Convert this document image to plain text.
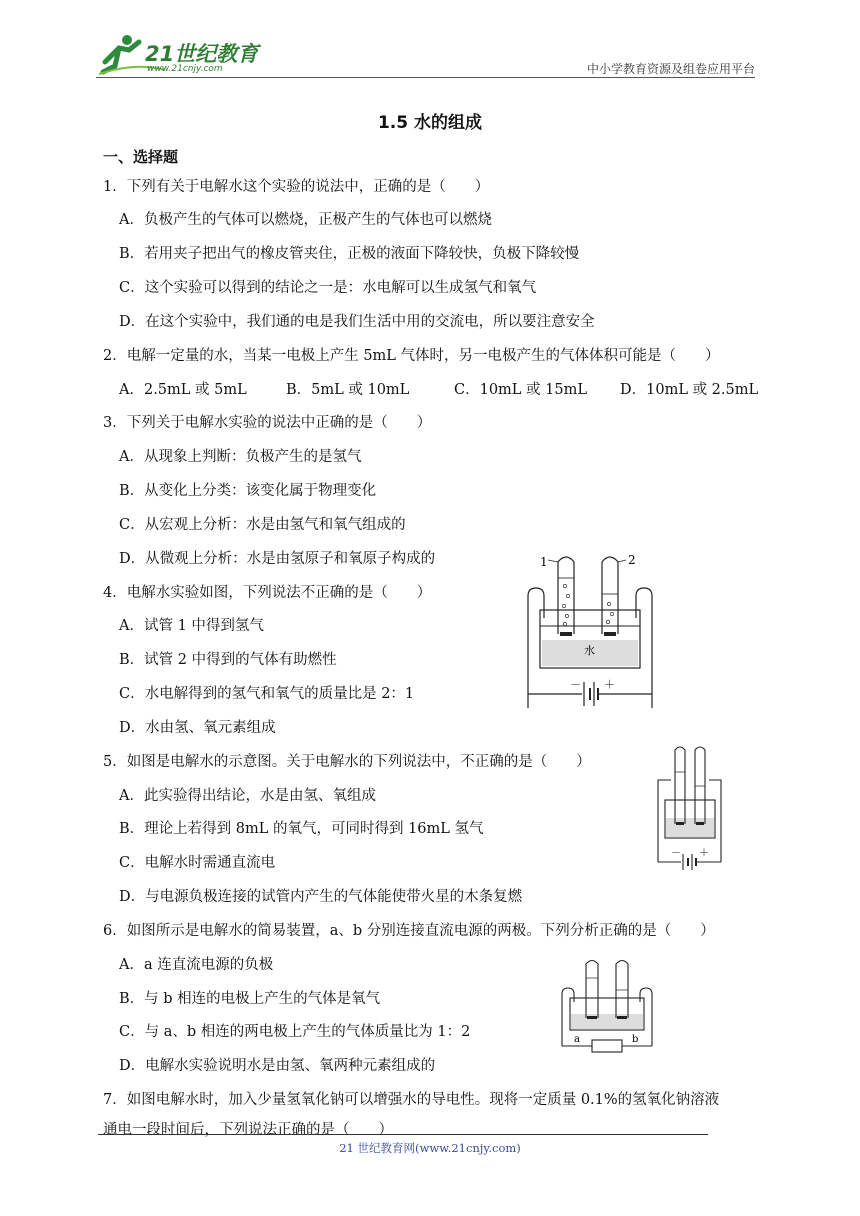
21世纪教育
www.21cnjy.com	中小学教育资源及组卷应用平台
1.5 水的组成
一、选择题
1．下列有关于电解水这个实验的说法中，正确的是（　　）
A．负极产生的气体可以燃烧，正极产生的气体也可以燃烧
B．若用夹子把出气的橡皮管夹住，正极的液面下降较快，负极下降较慢
C．这个实验可以得到的结论之一是：水电解可以生成氢气和氧气
D．在这个实验中，我们通的电是我们生活中用的交流电，所以要注意安全
2．电解一定量的水，当某一电极上产生 5mL 气体时，另一电极产生的气体体积可能是（　　）
A．2.5mL 或 5mL	B．5mL 或 10mL	C．10mL 或 15mL D．10mL 或 2.5mL
3．下列关于电解水实验的说法中正确的是（　　）
A．从现象上判断：负极产生的是氢气
B．从变化上分类：该变化属于物理变化
C．从宏观上分析：水是由氢气和氧气组成的
D．从微观上分析：水是由氢原子和氧原子构成的
4．电解水实验如图，下列说法不正确的是（　　）
A．试管 1 中得到氢气
B．试管 2 中得到的气体有助燃性
C．水电解得到的氢气和氧气的质量比是 2：1
D．水由氢、氧元素组成
1	2
水
－ ＋
5．如图是电解水的示意图。关于电解水的下列说法中，不正确的是（　　）
A．此实验得出结论，水是由氢、氧组成
B．理论上若得到 8mL 的氧气，可同时得到 16mL 氢气
C．电解水时需通直流电
D．与电源负极连接的试管内产生的气体能使带火星的木条复燃
－ ＋
6．如图所示是电解水的简易装置，a、b 分别连接直流电源的两极。下列分析正确的是（　　）
A．a 连直流电源的负极
B．与 b 相连的电极上产生的气体是氧气
C．与 a、b 相连的两电极上产生的气体质量比为 1：2
D．电解水实验说明水是由氢、氧两种元素组成的
a	b
7．如图电解水时，加入少量氢氧化钠可以增强水的导电性。现将一定质量 0.1%的氢氧化钠溶液
通电一段时间后，下列说法正确的是（　　）
21 世纪教育网(www.21cnjy.com)
